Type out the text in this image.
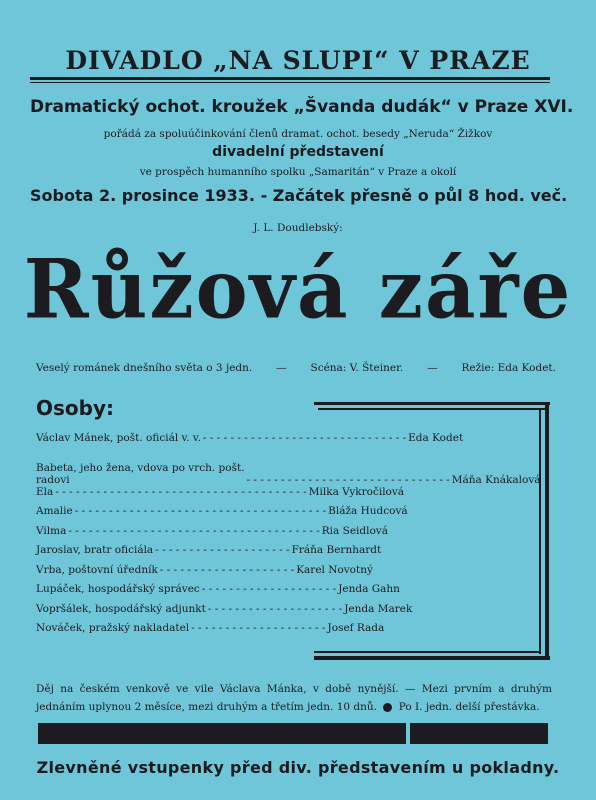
DIVADLO „NA SLUPI“ V PRAZE
Dramatický ochot. kroužek „Švanda dudák“ v Praze XVI.
pořádá za spoluúčinkování členů dramat. ochot. besedy „Neruda“ Žižkov
divadelní představení
ve prospěch humanního spolku „Samaritán“ v Praze a okolí
Sobota 2. prosince 1933. - Začátek přesně o půl 8 hod. več.
J. L. Doudlebský:
Růžová záře
Veselý románek dnešního světa o 3 jedn. — Scéna: V. Šteiner. — Režie: Eda Kodet.
Osoby:
Václav Mánek, pošt. oficiál v. v. - - - - - - - - - - - - - - - - - - - - - - - - - - - - - - Eda Kodet
Babeta, jeho žena, vdova po vrch. pošt.
radovi	- - - - - - - - - - - - - - - - - - - - - - - - - - - - - - Máňa Knákalová
Ela - - - - - - - - - - - - - - - - - - - - - - - - - - - - - - - - - - - - - Milka Vykročilová
Amalie - - - - - - - - - - - - - - - - - - - - - - - - - - - - - - - - - - - - - Bláža Hudcová
Vilma - - - - - - - - - - - - - - - - - - - - - - - - - - - - - - - - - - - - - Ria Seidlová
Jaroslav, bratr oficiála - - - - - - - - - - - - - - - - - - - - Fráňa Bernhardt
Vrba, poštovní úředník - - - - - - - - - - - - - - - - - - - - Karel Novotný
Lupáček, hospodářský správec - - - - - - - - - - - - - - - - - - - - Jenda Gahn
Vopršálek, hospodářský adjunkt - - - - - - - - - - - - - - - - - - - - Jenda Marek
Nováček, pražský nakladatel - - - - - - - - - - - - - - - - - - - - Josef Rada
Děj na českém venkově ve vile Václava Mánka, v době nynější. — Mezi prvním a druhým jednáním uplynou 2 měsíce, mezi druhým a třetím jedn. 10 dnů. Po I. jedn. delší přestávka.
Zlevněné vstupenky před div. představením u pokladny.
